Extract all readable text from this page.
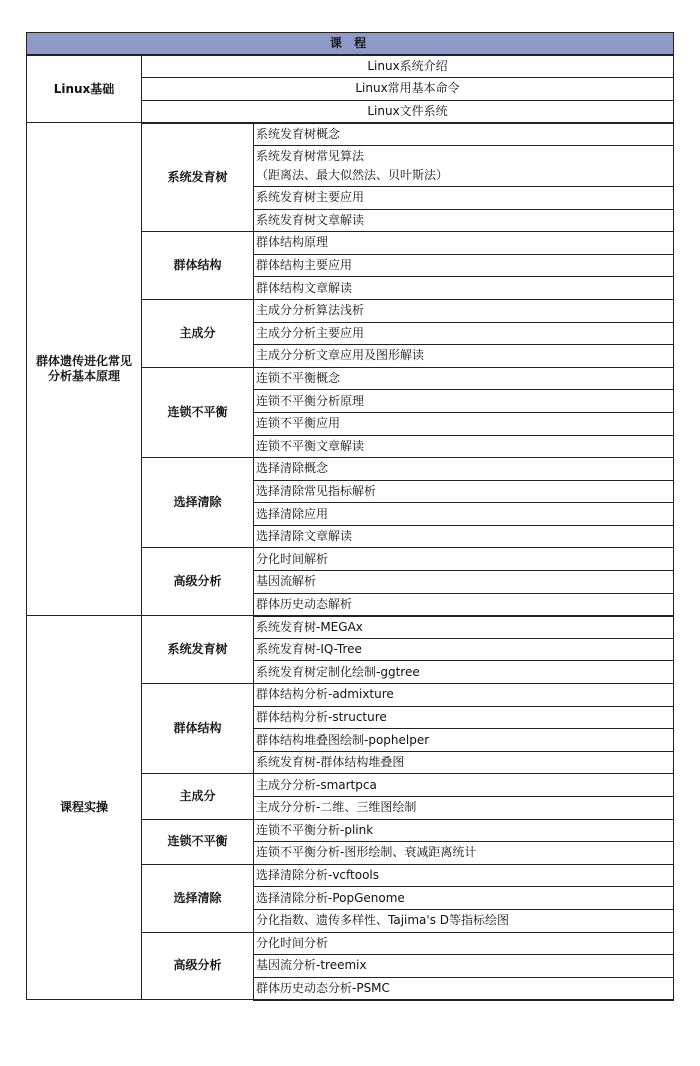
课 程		
Linux基础	Linux系统介绍	
	Linux常用基本命令	
	Linux文件系统	
群体遗传进化常见分析基本原理	系统发育树	系统发育树概念
		系统发育树常见算法
（距离法、最大似然法、贝叶斯法）
		系统发育树主要应用
		系统发育树文章解读
	群体结构	群体结构原理
		群体结构主要应用
		群体结构文章解读
	主成分	主成分分析算法浅析
		主成分分析主要应用
		主成分分析文章应用及图形解读
	连锁不平衡	连锁不平衡概念
		连锁不平衡分析原理
		连锁不平衡应用
		连锁不平衡文章解读
	选择清除	选择清除概念
		选择清除常见指标解析
		选择清除应用
		选择清除文章解读
	高级分析	分化时间解析
		基因流解析
		群体历史动态解析
课程实操	系统发育树	系统发育树-MEGAx
		系统发育树-IQ-Tree
		系统发育树定制化绘制-ggtree
	群体结构	群体结构分析-admixture
		群体结构分析-structure
		群体结构堆叠图绘制-pophelper
		系统发育树-群体结构堆叠图
	主成分	主成分分析-smartpca
		主成分分析-二维、三维图绘制
	连锁不平衡	连锁不平衡分析-plink
		连锁不平衡分析-图形绘制、衰减距离统计
	选择清除	选择清除分析-vcftools
		选择清除分析-PopGenome
		分化指数、遗传多样性、Tajima's D等指标绘图
	高级分析	分化时间分析
		基因流分析-treemix
		群体历史动态分析-PSMC
